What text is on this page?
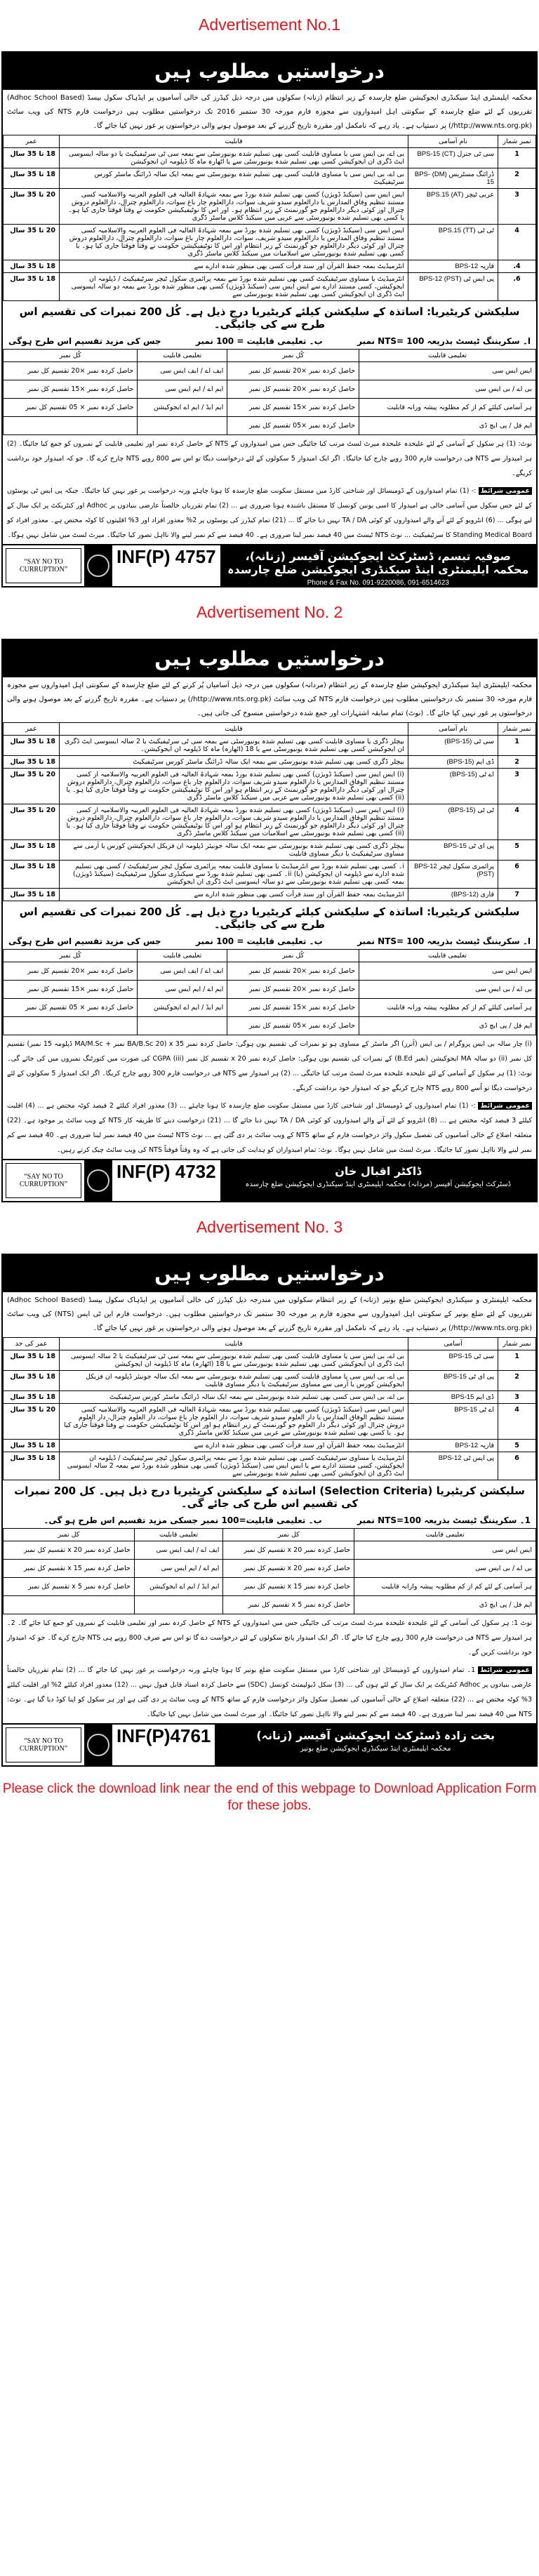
Advertisement No.1
درخواستیں مطلوب ہیں
محکمہ ایلیمنٹری اینڈ سیکنڈری ایجوکیشن ضلع چارسدہ کے زیر انتظام (زنانہ) سکولوں میں درجہ ذیل کیڈرز کی خالی آسامیوں پر ایڈہاک سکول بیسڈ (Adhoc School Based) تقرریوں کے لئے ضلع چارسدہ کے سکونتی اہل امیدواروں سے مجوزہ فارم مورخہ 30 ستمبر 2016 تک درخواستیں مطلوب ہیں درخواست فارم NTS کی ویب سائٹ (http://www.nts.org.pk/) پر دستیاب ہے۔ یاد رہے کہ نامکمل اور مقررہ تاریخ گزرنے کے بعد موصول ہونے والی درخواستوں پر غور نہیں کیا جائے گا۔
نمبر شمار	نام آسامی	قابلیت	عمر
1	سی ٹی جنرل (CT) BPS-15	بی اے، بی ایس سی یا مساوی قابلیت کسی بھی تسلیم شدہ یونیورسٹی سے بمعہ سی ٹی سرٹیفیکیٹ یا دو سالہ ایسوسی ایٹ ڈگری ان ایجوکیشن کسی بھی تسلیم شدہ یونیورسٹی سے یا اٹھارہ ماہ کا ڈپلومہ ان ایجوکیشن	18 تا 35 سال
2	ڈرائنگ مسٹریس (DM) BPS-15	بی اے، بی ایس سی یا مساوی قابلیت کسی بھی تسلیم شدہ یونیورسٹی سے بمعہ ایک سالہ ڈرائنگ ماسٹر کورس سرٹیفیکیٹ	18 تا 35 سال
3	عربی ٹیچر (AT) BPS.15	ایس ایس سی (سیکنڈ ڈویژن) کسی بھی تسلیم شدہ بورڈ سے بمعہ شہادۃ العالیہ فی العلوم العربیہ والاسلامیہ کسی مستند تنظیم وفاق المدارس یا دارالعلوم سیدو شریف سوات، دارالعلوم چار باغ سوات، دارالعلوم چترال، دارالعلوم دروش چترال اور کوئی دیگر دارالعلوم جو گورنمنٹ کے زیر انتظام ہو۔ اور اس کا نوٹیفیکیشن حکومت نے وقتاً فوقتاً جاری کیا ہو۔ یا کسی بھی تسلیم شدہ یونیورسٹی سے عربی میں سیکنڈ کلاس ماسٹر ڈگری	20 تا 35 سال
4	ٹی ٹی (TT) BPS.15	ایس ایس سی (سیکنڈ ڈویژن) کسی بھی تسلیم شدہ بورڈ سے بمعہ شہادۃ العالیہ فی العلوم العربیہ والاسلامیہ کسی مستند تنظیم وفاق المدارس یا دارالعلوم سیدو شریف، سوات، دارالعلوم چار باغ سوات، دارالعلوم چترال، دارالعلوم دروش چترال اور کوئی دیگر دارالعلوم جو گورنمنٹ کے زیر انتظام اور اس کا نوٹیفیکیشن حکومت نے وقتاً فوقتاً جاری کیا ہو۔ یا کسی بھی تسلیم شدہ یونیورسٹی سے اسلامیات میں سیکنڈ کلاس ماسٹر ڈگری	20 تا 35 سال
4.	قاریہ BPS-12	انٹرمیڈیٹ بمعہ حفظ القرآن اور سند قرأت کسی بھی منظور شدہ ادارے سے	18 تا 35 سال
6.	پی ایس ٹی (PST) BPS-12	انٹرمیڈیٹ یا مساوی سرٹیفیکیٹ کسی بھی تسلیم شدہ بورڈ سے بمعہ پرائمری سکول ٹیچر سرٹیفیکیٹ / ڈپلومہ ان ایجوکیشن، کسی مستند ادارے سے ایس ایس سی (سیکنڈ ڈویژن) کسی بھی منظور شدہ بورڈ سے بمعہ دو سالہ ایسوسی ایٹ ڈگری ان ایجوکیشن کسی بھی تسلیم شدہ یونیورسٹی سے	18 تا 35 سال
سلیکشن کریٹیریا: اساتذہ کے سلیکشن کیلئے کریٹیریا درج ذیل ہے۔ کُل 200 نمبرات کی تقسیم اس طرح سے کی جائیگی۔
ا۔ سکریننگ ٹیسٹ بذریعہ NTS= 100 نمبر
ب۔ تعلیمی قابلیت = 100 نمبر
جس کی مزید تقسیم اس طرح ہوگی
تعلیمی قابلیت	کُل نمبر	تعلیمی قابلیت	کُل نمبر
ایس ایس سی	حاصل کردہ نمبر ×20 تقسیم کل نمبر	ایف اے / ایف ایس سی	حاصل کردہ نمبر ×20 تقسیم کل نمبر
بی اے / بی ایس سی	حاصل کردہ نمبر ×20 تقسیم کل نمبر	ایم اے / ایم ایس سی	حاصل کردہ نمبر ×15 تقسیم کل نمبر
ہر آسامی کیلئے کم از کم مطلوبہ پیشہ ورانہ قابلیت	حاصل کردہ نمبر ×15 تقسیم کل نمبر	ایم ایڈ / ایم اے ایجوکیشن	حاصل کردہ نمبر × 05 تقسیم کل نمبر
ایم فل / پی ایچ ڈی	حاصل کردہ نمبر ×05 تقسیم کل نمبر		
نوٹ: (1) ہر سکول کے آسامی کے لئے علیحدہ علیحدہ میرٹ لسٹ مرتب کیا جائیگی جس میں امیدواروں کے NTS کے حاصل کردہ نمبر اور تعلیمی قابلیت کے نمبروں کو جمع کیا جائیگا۔ (2) ہر امیدوار سے NTS فی درخواست فارم 300 روپے چارج کیا جائیگا۔ اگر ایک امیدوار 5 سکولوں کے لئے درخواست دیگا تو اس سے 800 روپے NTS چارج کرے گا۔ جو کہ امیدوار خود برداشت کریگے۔
عمومی شرائط :- (1) تمام امیدواروں کے ڈومیسائل اور شناختی کارڈ میں مستقل سکونت ضلع چارسدہ کا ہونا چاہئے ورنہ درخواست پر غور نہیں کیا جائیگا۔ جبکہ پی ایس ٹی پوسٹوں کے لئے جس سکول میں آسامی خالی ہے امیدوار کا اسی یونین کونسل کا مستقل باشندہ ہونا ضروری ہے ... (2) تمام تقرریاں خالصتاً عارضی بنیادوں پر Adhoc اور کنٹریکٹ پر ایک سال کے لیے ہوگی ... (6) انٹرویو کے لئے آنے والے امیدواروں کو کوئی TA / DA نہیں دیا جائے گا ... (21) تمام کیڈرز کی پوسٹوں پر 2% معذور افراد اور 3% اقلیتوں کا کوٹہ مختص ہے۔ معذور افراد کو Standing Medical Board کا سرٹیفیکیٹ ... نوٹ NTS ٹیسٹ میں 40 فیصد نمبر لینا ضروری ہے۔ 40 فیصد سے کم نمبر لینے والا نااہل تصور کیا جائیگا۔ میرٹ لسٹ میں شامل نہیں ہوگا۔
“SAY NO TO CURRUPTION”
INF(P) 4757	صوفیہ تبسم، ڈسٹرکٹ ایجوکیشن آفیسر (زنانہ)، محکمہ ایلیمنٹری اینڈ سیکنڈری ایجوکیشن ضلع چارسدہ
Phone & Fax No. 091-9220086, 091-6514623
Advertisement No. 2
درخواستیں مطلوب ہیں
محکمہ ایلیمنٹری اینڈ سیکنڈری ایجوکیشن ضلع چارسدہ کے زیر انتظام (مردانہ) سکولوں میں درجہ ذیل آسامیاں پُر کرنے کے لئے ضلع چارسدہ کے سکونتی اہل امیدواروں سے مجوزہ فارم مورخہ 30 ستمبر تک درخواستیں مطلوب ہیں درخواست فارم NTS کی ویب سائٹ (http://www.nts.org.pk/) پر دستیاب ہے۔ مقررہ تاریخ گزرنے کے بعد موصول ہونے والی درخواستوں پر غور نہیں کیا جائے گا۔ (نوٹ) تمام سابقہ اشتہارات اور جمع شدہ درخواستیں منسوخ کی جاتی ہیں۔
نمبر شمار	نام آسامی	قابلیت	عمر
1	سی ٹی (BPS-15)	بیچلر ڈگری یا مساوی قابلیت کسی بھی تسلیم شدہ یونیورسٹی سے بمعہ سی ٹی سرٹیفیکیٹ یا 2 سالہ ایسوسی ایٹ ڈگری ان ایجوکیشن کسی بھی تسلیم شدہ یونیورسٹی سے یا 18 (اٹھارہ) ماہ کا ڈپلومہ ان ایجوکیشن۔	18 تا 35 سال
2	ڈی ایم (BPS-15)	بیچلر ڈگری کسی بھی تسلیم شدہ یونیورسٹی سے بمعہ ایک سالہ ڈرائنگ ماسٹر کورس سرٹیفیکیٹ	18 تا 35 سال
3	اے ٹی (BPS-15)	(i) ایس ایس سی (سیکنڈ ڈویژن) کسی بھی تسلیم شدہ بورڈ بمعہ شہادۃ العالیہ فی العلوم العربیہ والاسلامیہ از کسی مستند تنظیم الوفاق المدارس یا دارالعلوم سیدو شریف سوات، دارالعلوم چار باغ سوات، دارالعلوم چترال، دارالعلوم دروش چترال اور کوئی دیگر دارالعلوم جو گورنمنٹ کے زیر انتظام ہو اور اس کا نوٹیفیکیشن حکومت نے وقتاً فوقتاً جاری کیا ہو۔ یا (ii) کسی بھی تسلیم شدہ یونیورسٹی سے عربی میں سیکنڈ کلاس ماسٹر ڈگری	20 تا 35 سال
4	ٹی ٹی (BPS-15)	(i) ایس ایس سی (سیکنڈ ڈویژن) کسی بھی تسلیم شدہ بورڈ بمعہ شہادۃ العالیہ فی العلوم العربیہ والاسلامیہ از کسی مستند تنظیم الوفاق المدارس یا دارالعلوم سیدو شریف سوات، دارالعلوم چار باغ سوات، دارالعلوم چترال، دارالعلوم دروش چترال اور کوئی دیگر دارالعلوم جو گورنمنٹ کے زیر انتظام ہو اور اس کا نوٹیفیکیشن حکومت نے وقتاً فوقتاً جاری کیا ہو۔ یا (ii) کسی بھی تسلیم شدہ یونیورسٹی سے اسلامیات میں سیکنڈ کلاس ماسٹر ڈگری	20 تا 35 سال
5	پی ای ٹی BPS-15	بیچلر ڈگری کسی بھی تسلیم شدہ یونیورسٹی سے بمعہ ایک سالہ جونیئر ڈپلومہ ان فزیکل ایجوکیشن کورس یا آرمی سے مساوی سرٹیفیکیٹ یا دیگر مساوی قابلیت	18 تا 35 سال
6	پرائمری سکول ٹیچر BPS-12 (PST)	i۔ کسی بھی تسلیم شدہ بورڈ سے انٹرمیڈیٹ یا مساوی قابلیت بمعہ پرائمری سکول ٹیچر سرٹیفیکیٹ / کسی بھی تسلیم شدہ ادارے سے ڈپلومہ ان ایجوکیشن (یا) ii۔ کسی بھی تسلیم شدہ بورڈ سے سیکنڈری سکول سرٹیفیکیٹ (سیکنڈ ڈویژن) بمعہ کسی بھی تسلیم شدہ یونیورسٹی سے دو سالہ ایسوسی ایٹ ڈگری ان ایجوکیشن	18 تا 35 سال
7	قاری (BPS-12)	انٹرمیڈیٹ بمعہ حفظ القرآن اور سند قرأت کسی بھی منظور شدہ ادارے سے	18 تا 35 سال
سلیکشن کریٹیریا: اساتذہ کے سلیکشن کیلئے کریٹیریا درج ذیل ہے۔ کُل 200 نمبرات کی تقسیم اس طرح سے کی جائیگی۔
ا۔ سکریننگ ٹیسٹ بذریعہ NTS= 100 نمبر
ب۔ تعلیمی قابلیت = 100 نمبر
جس کی مزید تقسیم اس طرح ہوگی
تعلیمی قابلیت	کُل نمبر	تعلیمی قابلیت	کُل نمبر
ایس ایس سی	حاصل کردہ نمبر ×20 تقسیم کل نمبر	ایف اے / ایف ایس سی	حاصل کردہ نمبر ×20 تقسیم کل نمبر
بی اے / بی ایس سی	حاصل کردہ نمبر ×20 تقسیم کل نمبر	ایم اے / ایم ایس سی	حاصل کردہ نمبر ×15 تقسیم کل نمبر
ہر آسامی کیلئے کم از کم مطلوبہ پیشہ ورانہ قابلیت	حاصل کردہ نمبر ×15 تقسیم کل نمبر	ایم ایڈ / ایم اے ایجوکیشن	حاصل کردہ نمبر × 05 تقسیم کل نمبر
ایم فل / پی ایچ ڈی	حاصل کردہ نمبر ×05 تقسیم کل نمبر		
(i) چار سالہ بی ایس پروگرام / بی ایس (آنرز) اگر ماسٹر کے مساوی ہو تو نمبرات کی تقسیم یوں ہوگی: حاصل کردہ نمبر x 35 (BA/B.Sc 20 نمبر + MA/M.Sc ڈپلومہ 15 نمبر) تقسیم کل نمبر (ii) دو سالہ MA ایجوکیشن (بغیر B.Ed) کے نمبرات کی تقسیم یوں ہوگی: حاصل کردہ نمبر x 20 تقسیم کل نمبر (iii) CGPA کی صورت میں کنورٹنگ نمبروں میں کی جائے گی۔ نوٹ: (1) ہر سکول کے آسامی کے لئے علیحدہ علیحدہ میرٹ لسٹ مرتب کیا جائیگی ... (2) ہر امیدوار سے NTS فی درخواست فارم 300 روپے چارج کریگا۔ اگر ایک امیدوار 5 سکولوں کے لئے درخواست دیگا تو اُسے 800 روپے NTS چارج کریگے جو کہ امیدوار خود برداشت کریگے۔
عمومی شرائط :- (1) تمام امیدواروں کے ڈومیسائل اور شناختی کارڈ میں مستقل سکونت ضلع چارسدہ کا ہونا چاہئے ... (3) معذور افراد کیلئے 2 فیصد کوٹہ مختص ہے ... (4) اقلیت کیلئے 3 فیصد کوٹہ مختص ہے ... (8) انٹرویو کے لئے آنے والے امیدواروں کو کوئی TA / DA نہیں دیا جائے گا ... (21) درخواست دینے کا طریقہ کار NTS کے ویب سائٹ پر موجود ہے۔ (22) متعلقہ اضلاع کے خالی آسامیوں کی تفصیل سکول وائز درخواست فارم کے ساتھ NTS کے ویب سائٹ پر دی گئی ہے ... نوٹ NTS ٹیسٹ میں 40 فیصد نمبر لینا ضروری ہے۔ 40 فیصد سے کم نمبر لینے والا نااہل تصور کیا جائیگا۔ میرٹ لسٹ میں شامل نہیں ہوگا۔ نوٹ: تمام امیدواران کو ہدایت کی جاتی ہے کہ وہ وقتاً فوقتاً NTS کی ویب سائٹ چیک کرتے رہیں۔
“SAY NO TO CURRUPTION”
INF(P) 4732	ڈاکٹر اقبال خان
ڈسٹرکٹ ایجوکیشن آفیسر (مردانہ) محکمہ ایلیمنٹری اینڈ سیکنڈری ایجوکیشن ضلع چارسدہ
Advertisement No. 3
درخواستیں مطلوب ہیں
محکمہ ایلیمنٹری و سیکنڈری ایجوکیشن ضلع بونیر (زنانہ) کے زیر انتظام سکولوں میں مندرجہ ذیل کیڈرز کی خالی آسامیوں پر ایڈہاک سکول بیسڈ (Adhoc School Based) تقرریوں کے لئے ضلع بونیر کے سکونتی اہل امیدواروں سے مجوزہ فارم پر مورخہ 30 ستمبر تک درخواستیں مطلوب ہیں۔ درخواست فارم این ٹی ایس (NTS) کی ویب سائٹ (http://www.nts.org.pk/) پر دستیاب ہے۔ یاد رہے کہ نامکمل اور مقررہ تاریخ گزرنے کے بعد موصول ہونے والی درخواستوں پر غور نہیں کیا جائے گا۔
نمبر شمار	آسامی	قابلیت	عمر کی حد
1	سی ٹی BPS-15	بی اے، بی ایس سی یا مساوی قابلیت کسی بھی تسلیم شدہ یونیورسٹی سے بمعہ سی ٹی سرٹیفیکیٹ یا 2 سالہ ایسوسی ایٹ ڈگری ان ایجوکیشن کسی بھی تسلیم شدہ یونیورسٹی سے یا 18 (اٹھارہ) ماہ کا ڈپلومہ ان ایجوکیشن	18 تا 35 سال
2	پی ای ٹی BPS-15	بی اے، بی ایس سی یا مساوی قابلیت کسی بھی تسلیم شدہ یونیورسٹی سے بمعہ ایک سالہ جونیئر ڈپلومہ ان فزیکل ایجوکیشن کورس یا آرمی سے مساوی سرٹیفیکیٹ یا دیگر مساوی قابلیت	18 تا 35 سال
3	ڈی ایم BPS-15	بی اے، بی ایس سی کسی بھی تسلیم شدہ یونیورسٹی سے بمعہ ایک سالہ ڈرائنگ ماسٹر کورس سرٹیفیکیٹ	18 تا 35 سال
4	اے ٹی BPS-15	ایس ایس سی (سیکنڈ ڈویژن) کسی بھی تسلیم شدہ بورڈ سے بمعہ شہادۃ العالیہ فی العلوم العربیہ والاسلامیہ کسی مستند تنظیم الوفاق المدارس یا دار العلوم سیدو شریف سوات، دار العلوم چار باغ سوات، دار العلوم چترال، دار العلوم دروش چترال اور کوئی دیگر دار العلوم جو گورنمنٹ کے زیر انتظام ہو اور اس کا نوٹیفیکیشن حکومت نے وقتاً فوقتاً جاری کیا ہو۔ یا کسی بھی تسلیم شدہ یونیورسٹی سے عربی میں سیکنڈ کلاس ماسٹر ڈگری	20 تا 35 سال
5	قاریہ BPS-12	انٹرمیڈیٹ بمعہ حفظ القرآن اور سند قرأت کسی بھی منظور شدہ ادارے سے	18 تا 35 سال
6	پی ایس ٹی BPS-12	انٹرمیڈیٹ یا مساوی سرٹیفیکیٹ کسی بھی تسلیم شدہ بورڈ سے بمعہ پرائمری سکول ٹیچر سرٹیفیکیٹ / ڈپلومہ ان ایجوکیشن، کسی مستند ادارے سے یا ایس ایس سی (سیکنڈ ڈویژن) کسی بھی منظور شدہ بورڈ سے بمعہ 2 سالہ ایسوسی ایٹ ڈگری ان ایجوکیشن کسی بھی تسلیم شدہ یونیورسٹی سے	18 تا 35 سال
سلیکشن کریٹیریا (Selection Criteria) اساتذہ کے سلیکشن کریٹیریا درج ذیل ہیں۔ کل 200 نمبرات کی تقسیم اس طرح کی جائے گی۔
1۔ سکریننگ ٹیسٹ بذریعہ NTS=100 نمبر
ب۔ تعلیمی قابلیت=100 نمبر جسکی مزید تقسیم اس طرح ہو گی۔
تعلیمی قابلیت	کل نمبر	تعلیمی قابلیت	کل نمبر
ایس ایس سی	حاصل کردہ نمبر x 20 تقسیم کل نمبر	ایف اے / ایف ایس سی	حاصل کردہ نمبر x 20 تقسیم کل نمبر
بی اے / بی ایس سی	حاصل کردہ نمبر x 20 تقسیم کل نمبر	ایم اے / ایم ایس سی	حاصل کردہ نمبر x 15 تقسیم کل نمبر
ہر آسامی کے لئے کم از کم مطلوبہ پیشہ وارانہ قابلیت	حاصل کردہ نمبر x 15 تقسیم کل نمبر	ایم ایڈ / ایم اے ایجوکیشن	حاصل کردہ نمبر x 5 تقسیم کل نمبر
ایم فل / پی ایچ ڈی	حاصل کردہ نمبر x 5 تقسیم کل نمبر		
نوٹ 1: ہر سکول کی آسامی کے لئے علیحدہ علیحدہ میرٹ لسٹ مرتب کی جائیگی جس میں امیدواروں کے NTS کے حاصل کردہ نمبر اور تعلیمی قابلیت کے نمبروں کو جمع کیا جائے گا۔ 2۔ ہر امیدوار سے NTS فی درخواست فارم 300 روپے چارج کیا جائے گا۔ اگر ایک امیدوار پانچ سکولوں کے لئے درخواست دے گا تو اس سے صرف 800 روپے ہی NTS چارج کرے گا۔ جو کہ امیدوار خود برداشت کریں گے۔
عمومی شرائط 1۔ تمام امیدواروں کے ڈومیسائل اور شناختی کارڈ میں مستقل سکونت ضلع بونیر کا ہونا چاہئے ورنہ درخواست پر غور نہیں کیا جائے گا ... (2) تمام تقرریاں خالصتاً عارضی بنیادوں پر Adhoc کنٹریکٹ پر ایک سال کے لئے ہوں گی ... (3) سکل ڈیولپمنٹ کونسل (SDC) سے حاصل کردہ اسناد قابل قبول نہیں ... (12) معذور افراد کیلئے 2% اور اقلیت کیلئے 3% کوٹہ مختص ہے ... (22) متعلقہ اضلاع کے خالی آسامیوں کی تفصیل سکول وائز درخواست فارم کے ساتھ NTS کے ویب سائٹ پر دی گئی ہے اور ہر سکول کو اپنا کوڈ دیا گیا ہے۔ نوٹ: NTS میں 40 فیصد نمبر لینا ضروری ہے۔ 40 فیصد سے کم نمبر لینے والا نااہل تصور کیا جائیگا۔ اور میرٹ لسٹ میں شامل نہیں کیا جائیگا۔
“SAY NO TO CURRUPTION”
INF(P)4761	بخت زادہ ڈسٹرکٹ ایجوکیشن آفیسر (زنانہ)
محکمہ ایلیمنٹری اینڈ سیکنڈری ایجوکیشن ضلع بونیر
Please click the download link near the end of this webpage to Download Application Form for these jobs.
